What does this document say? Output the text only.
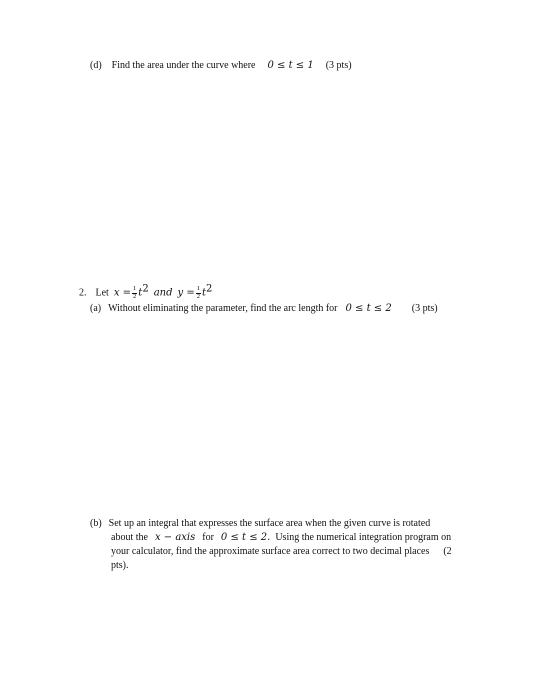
(d) Find the area under the curve where 0 ≤ t ≤ 1 (3 pts)
2. Let $x = \frac{1}{2} t^2$ and $y = \frac{1}{2} t^2$
(a) Without eliminating the parameter, find the arc length for 0 ≤ t ≤ 2 (3 pts)
(b) Set up an integral that expresses the surface area when the given curve is rotated
about the x − axis for 0 ≤ t ≤ 2. Using the numerical integration program on
your calculator, find the approximate surface area correct to two decimal places (2
pts).
